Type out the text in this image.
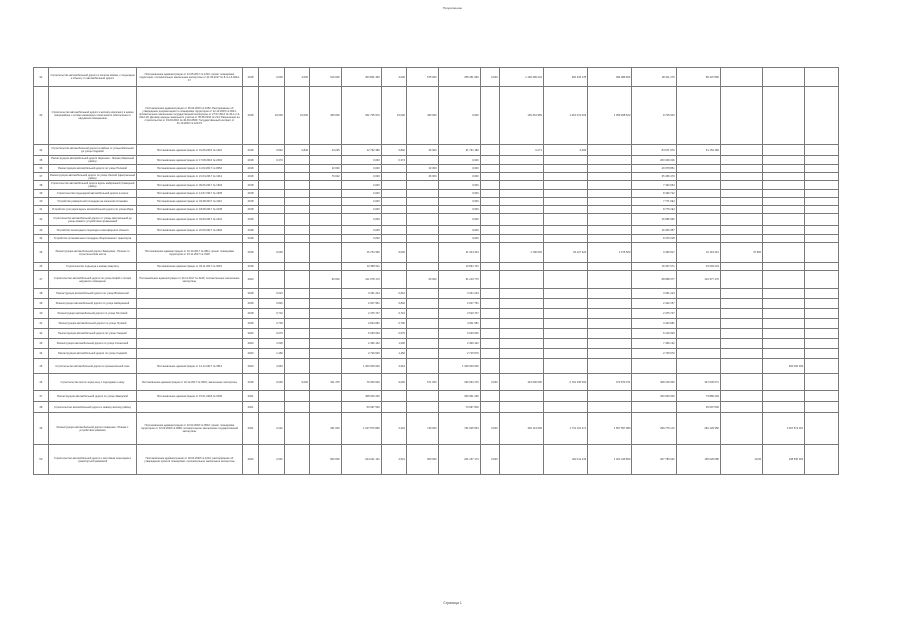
Продолжение
32	Строительство автомобильной дороги в поселке Новом, с подъездом к объекту от автомобильной дороги	Постановление администрации от 12.05.2017 № 1210; проект планировки территории; положительное заключение экспертизы от 21.03.2017 № 8-4-1-3-0044-17	2018	3,000	4,000	510 000	303 801 490	4,000	675 000	365 451 990	0,000	1 106 465 244	300 316 178	394 989 600	28 211 276	86 437 890			
33	Строительство автомобильной дороги к жилому комплексу в новом микрорайоне с сетями инженерно-технического обеспечения и наружным освещением	Постановление администрации от 25.04.2016 № 1052; Распоряжение об утверждении документации по планировке территории от 12.12.2015 № 3041; положительное заключение государственной экспертизы от 27.07.2016 № 44-1-1-3-0112-16; Договор аренды земельного участка от 05.08.2016 № 214; Разрешение на строительство от 19.09.2016 № 46-RU-0500; Государственный контракт от 21.10.2016 № 123-ГК	2018	16,000	16,000	460 000	321 705 970	16,000	460 000	0,000		135 461 959	1 061 072 003	1 059 268 623	8 745 003				
34	Строительство автомобильной дороги в районе от улицы Школьной до улицы Садовой	Постановление администрации от 01.06.2015 № 1410	2018	0,840	0,840	44 225	12 792 480	0,840	46 000	61 791 180		0,271	0,000		84 671 976	61 154 180			
35	Реконструкция автомобильной дороги Заречная - Лесная (Заречный район)	Постановление администрации от 17.08.2016 № 2004	2018	0,374			0,000	0,374		0,000					200 326 016				
36	Реконструкция автомобильной дороги по улице Полевой	Постановление администрации от 11.03.2017 № 0652	2018			23 000	0,000		23 000	0,000					40 078 851				
37	Реконструкция автомобильной дороги по улице Лесной (Центральный район)	Постановление администрации от 21.04.2017 № 1012	2018			76 022	0,000		46 000	0,000					35 466 479				
38	Строительство автомобильной дороги вдоль набережной (Северный район)	Постановление администрации от 09.06.2017 № 1604	2018				0,000			0,000					7 463 063				
39	Строительство подъездной автомобильной дороги к школе	Постановление администрации от 14.07.2017 № 1935	2018				0,000			0,000					8 490 722				
40	Устройство разворотной площадки на конечной остановке	Постановление администрации от 02.08.2017 № 2110	2018				0,000			0,000					7 771 694				
41	Устройство тротуаров вдоль автомобильной дороги по улице Мира	Постановление администрации от 18.08.2017 № 2245	2018				0,000			0,000					8 776 194				
42	Строительство автомобильной дороги от улицы Центральной до улицы Новой с устройством примыканий	Постановление администрации от 04.09.2017 № 2431	2018				0,000			0,000					16 686 990				
43	Устройство пешеходного перехода и светофорного объекта	Постановление администрации от 22.09.2017 № 2602	2018				0,000			0,000					16 300 357				
44	Устройство остановочных площадок общественного транспорта		2018				0,000			0,000					8 470 018				
45	Реконструкция автомобильной дороги Заводская - Речная со строительством моста	Постановление администрации от 10.10.2017 № 2811; проект планировки территории от 15.11.2017 № 3120	2018	9,000			16 764 390	9,000		31 344 404		1 790 620	92 127 320	1 675 500	9 496 817	16 119 410	76 660		
46	Строительство подъезда к новому кварталу	Постановление администрации от 03.11.2017 № 3015	2018				10 986 511			10 891 743					16 307 071	15 093 243			
47	Строительство автомобильной дороги по улице Новой с сетями наружного освещения	Постановление администрации от 20.11.2017 № 3240; положительное заключение экспертизы	2020			60 000	121 678 170		60 000	61 219 776					68 898 377	101 377 170			
48	Реконструкция автомобильной дороги по улице Вокзальной		2018	0,610			3 331 244	0,610		3 331 244					3 331 244				
39	Реконструкция автомобильной дороги по улице Набережной		2018	0,840			2 007 951	0,840		2 007 751					2 442 157				
40	Реконструкция автомобильной дороги по улице Почтовой		2018	0,710			2 476 747	0,710		2 510 747					2 476 747				
41	Реконструкция автомобильной дороги по улице Луговой		2018	0,700			2 824 681	0,700		2 811 581					3 423 681				
42	Реконструкция автомобильной дороги по улице Озерной		2020	0,070			6 030 000	0,070		6 020 000					6 120 000				
43	Реконструкция автомобильной дороги по улице Солнечной		2020	1,000			2 466 132	1,000		2 466 132					7 466 132				
44	Реконструкция автомобильной дороги по улице Садовой		2020	1,460			2 729 630	1,460		2 715 670					2 729 670				
45	Строительство автомобильной дороги в промышленной зоне	Постановление администрации от 14.12.2017 № 3512	2020	4,964			1 300 000 000	4,964		1 300 000 000								400 000 000	
46	Строительство моста через реку с подходами к нему	Постановление администрации от 22.12.2017 № 3601; заключение экспертизы	2018	9,000	9,000	911 475	76 000 000	9,000	671 000	330 094 176	0,000	143 000 000	2 791 105 000	472 870 371	308 100 000	347 000 571			
47	Реконструкция автомобильной дороги по улице Заводской	Постановление администрации от 15.01.2018 № 0040	2021				368 046 246			300 661 246					300 660 000	73 880 246			
48	Строительство автомобильной дороги к новому жилому району		2021				50 097 500			70 997 500						35 097 500			
49	Реконструкция автомобильной дороги Северная - Южная с устройством развязки	Постановление администрации от 22.02.2018 № 0510; проект планировки территории от 10.03.2018 № 0690; положительное заключение государственной экспертизы	2021	2,222		181 000	1 227 870 896	2,222	740 000	761 605 554	0,000	281 113 605	1 741 101 471	1 657 557 980	299 776 172	281 129 356		1 097 574 001	
50	Строительство автомобильной дороги с мостовым переходом и транспортной развязкой	Постановление администрации от 18.04.2018 № 1010; распоряжение об утверждении проекта планировки; положительное заключение экспертизы	2020	2,601		600 000	244 021 131	2,601	600 000	201 157 173	0,000		322 111 146	1 401 446 800	207 780 022	155 026 086	19,06	138 530 000	
Страница 1
